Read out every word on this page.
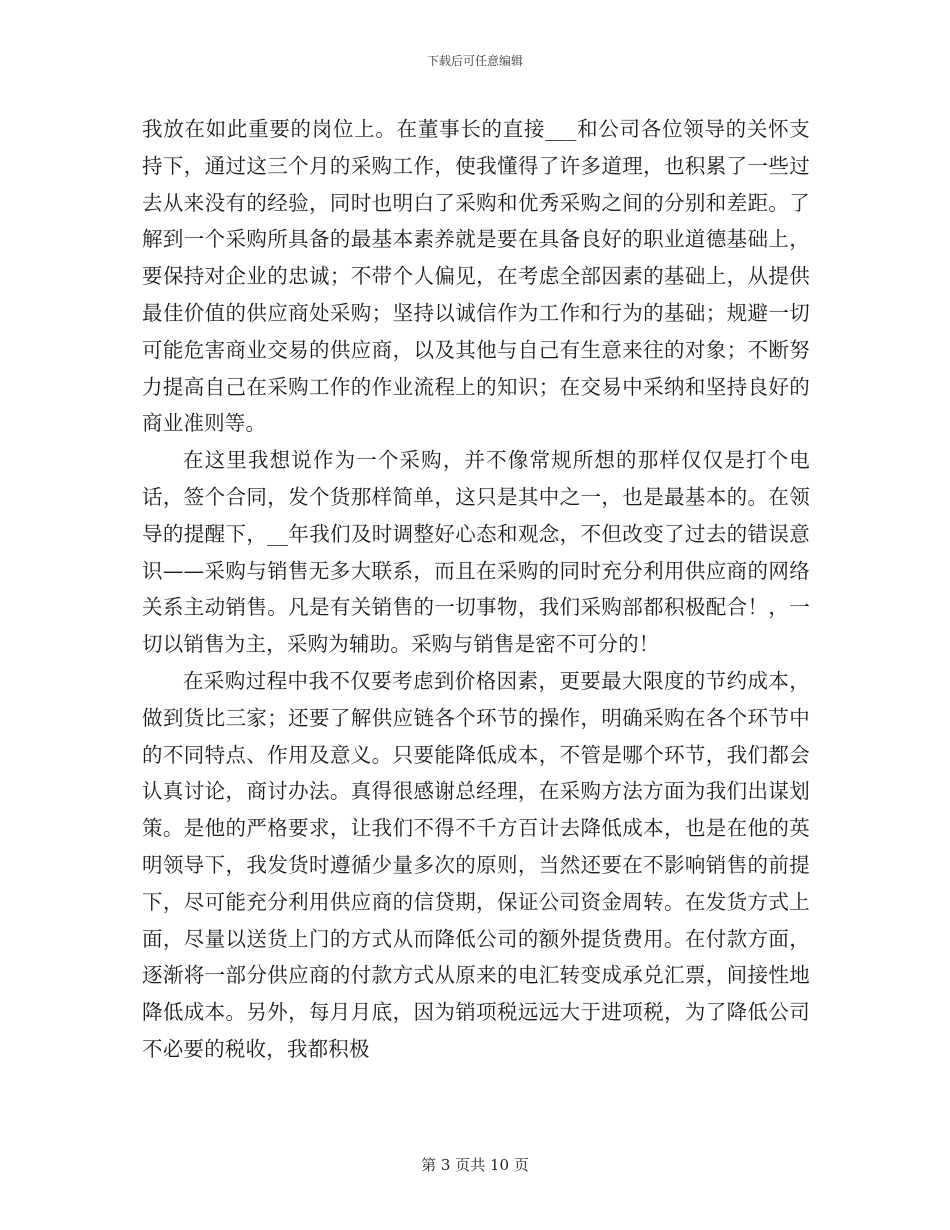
下载后可任意编辑

我放在如此重要的岗位上。在董事长的直接___和公司各位领导的关怀支持下，通过这三个月的采购工作，使我懂得了许多道理，也积累了一些过去从来没有的经验，同时也明白了采购和优秀采购之间的分别和差距。了解到一个采购所具备的最基本素养就是要在具备良好的职业道德基础上，要保持对企业的忠诚；不带个人偏见，在考虑全部因素的基础上，从提供最佳价值的供应商处采购；坚持以诚信作为工作和行为的基础；规避一切可能危害商业交易的供应商，以及其他与自己有生意来往的对象；不断努力提高自己在采购工作的作业流程上的知识；在交易中采纳和坚持良好的商业准则等。

在这里我想说作为一个采购，并不像常规所想的那样仅仅是打个电话，签个合同，发个货那样简单，这只是其中之一，也是最基本的。在领导的提醒下，__年我们及时调整好心态和观念，不但改变了过去的错误意识——采购与销售无多大联系，而且在采购的同时充分利用供应商的网络关系主动销售。凡是有关销售的一切事物，我们采购部都积极配合！，一切以销售为主，采购为辅助。采购与销售是密不可分的！

在采购过程中我不仅要考虑到价格因素，更要最大限度的节约成本，做到货比三家；还要了解供应链各个环节的操作，明确采购在各个环节中的不同特点、作用及意义。只要能降低成本，不管是哪个环节，我们都会认真讨论，商讨办法。真得很感谢总经理，在采购方法方面为我们出谋划策。是他的严格要求，让我们不得不千方百计去降低成本，也是在他的英明领导下，我发货时遵循少量多次的原则，当然还要在不影响销售的前提下，尽可能充分利用供应商的信贷期，保证公司资金周转。在发货方式上面，尽量以送货上门的方式从而降低公司的额外提货费用。在付款方面，逐渐将一部分供应商的付款方式从原来的电汇转变成承兑汇票，间接性地降低成本。另外，每月月底，因为销项税远远大于进项税，为了降低公司不必要的税收，我都积极

第 3 页共 10 页
